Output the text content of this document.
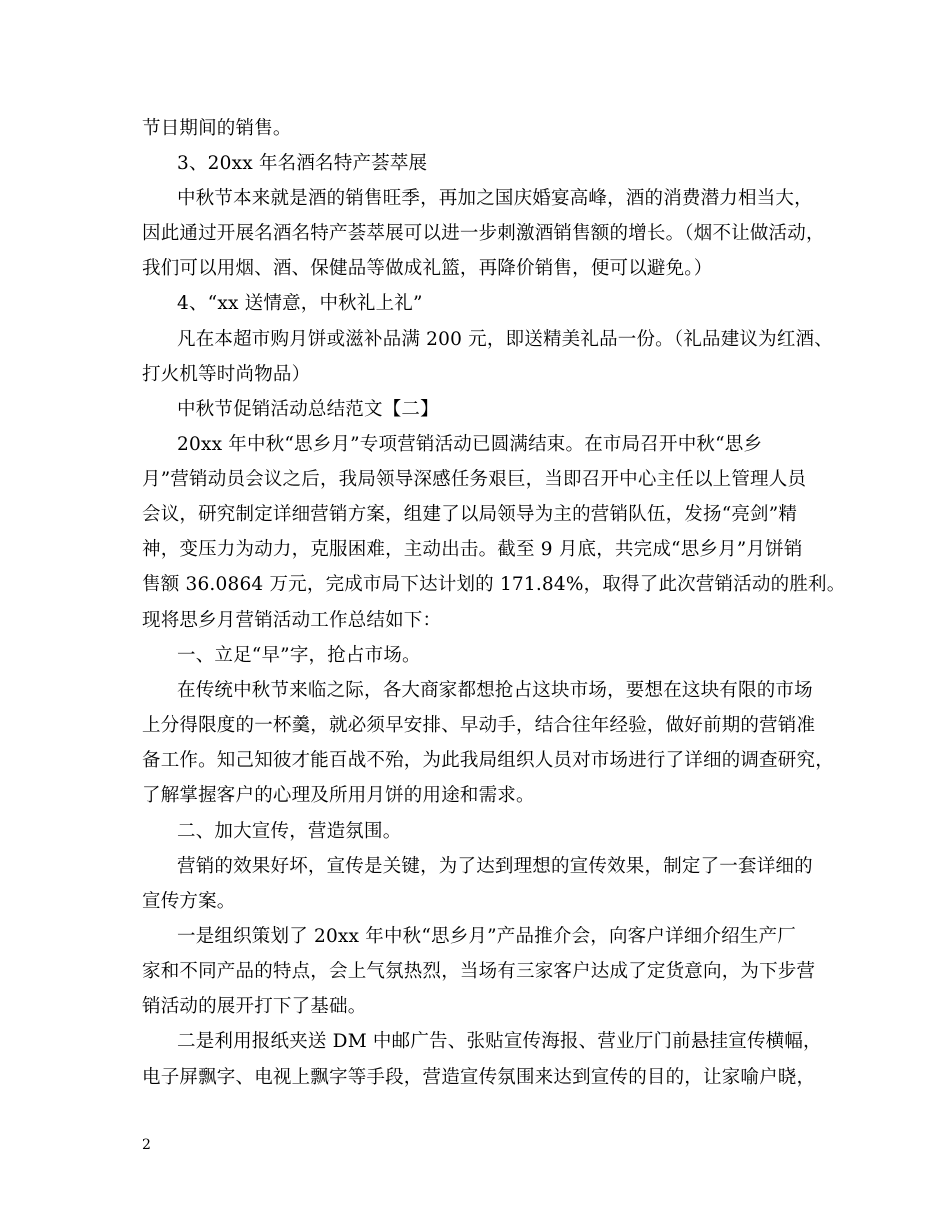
节日期间的销售。
3、20xx 年名酒名特产荟萃展
中秋节本来就是酒的销售旺季，再加之国庆婚宴高峰，酒的消费潜力相当大，
因此通过开展名酒名特产荟萃展可以进一步刺激酒销售额的增长。（烟不让做活动，
我们可以用烟、酒、保健品等做成礼篮，再降价销售，便可以避免。）
4、“xx 送情意，中秋礼上礼”
凡在本超市购月饼或滋补品满 200 元，即送精美礼品一份。（礼品建议为红酒、
打火机等时尚物品）
中秋节促销活动总结范文【二】
20xx 年中秋“思乡月”专项营销活动已圆满结束。在市局召开中秋“思乡
月”营销动员会议之后，我局领导深感任务艰巨，当即召开中心主任以上管理人员
会议，研究制定详细营销方案，组建了以局领导为主的营销队伍，发扬“亮剑”精
神，变压力为动力，克服困难，主动出击。截至 9 月底，共完成“思乡月”月饼销
售额 36.0864 万元，完成市局下达计划的 171.84%，取得了此次营销活动的胜利。
现将思乡月营销活动工作总结如下：
一、立足“早”字，抢占市场。
在传统中秋节来临之际，各大商家都想抢占这块市场，要想在这块有限的市场
上分得限度的一杯羹，就必须早安排、早动手，结合往年经验，做好前期的营销准
备工作。知己知彼才能百战不殆，为此我局组织人员对市场进行了详细的调查研究，
了解掌握客户的心理及所用月饼的用途和需求。
二、加大宣传，营造氛围。
营销的效果好坏，宣传是关键，为了达到理想的宣传效果，制定了一套详细的
宣传方案。
一是组织策划了 20xx 年中秋“思乡月”产品推介会，向客户详细介绍生产厂
家和不同产品的特点，会上气氛热烈，当场有三家客户达成了定货意向，为下步营
销活动的展开打下了基础。
二是利用报纸夹送 DM 中邮广告、张贴宣传海报、营业厅门前悬挂宣传横幅，
电子屏飘字、电视上飘字等手段，营造宣传氛围来达到宣传的目的，让家喻户晓，
2
